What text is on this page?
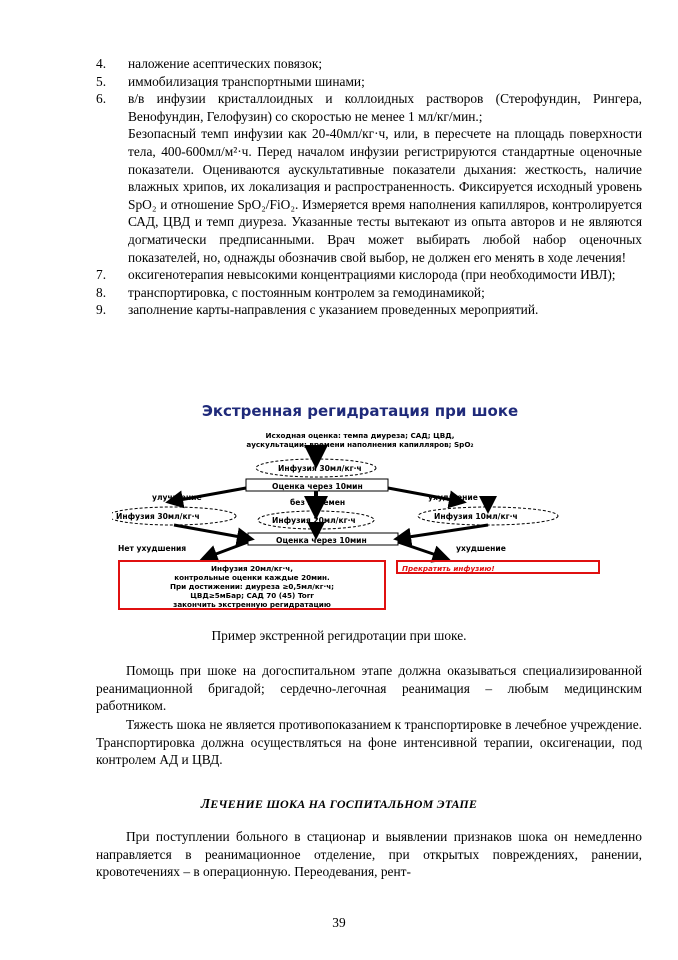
4.	наложение асептических повязок;
5.	иммобилизация транспортными шинами;
6.	в/в инфузии кристаллоидных и коллоидных растворов (Стерофундин, Рингера, Венофундин, Гелофузин) со скоростью не менее 1 мл/кг/мин.;

Безопасный темп инфузии как 20-40мл/кг·ч, или, в пересчете на площадь поверхности тела, 400-600мл/м²·ч. Перед началом инфузии регистрируются стандартные оценочные показатели. Оцениваются аускультативные показатели дыхания: жесткость, наличие влажных хрипов, их локализация и распространенность. Фиксируется исходный уровень SpO₂ и отношение SpO₂/FiO₂. Измеряется время наполнения капилляров, контролируется САД, ЦВД и темп диуреза. Указанные тесты вытекают из опыта авторов и не являются догматически предписанными. Врач может выбирать любой набор оценочных показателей, но, однажды обозначив свой выбор, не должен его менять в ходе лечения!

7.	оксигенотерапия невысокими концентрациями кислорода (при необходимости ИВЛ);
8.	транспортировка, с постоянным контролем за гемодинамикой;
9.	заполнение карты-направления с указанием проведенных мероприятий.
Экстренная регидратация при шоке
Исходная оценка: темпа диуреза; САД; ЦВД,
аускультации; времени наполнения капилляров; SpO₂
Инфузия 30мл/кг·ч
Оценка через 10мин
улучшение
без перемен
ухудшение
Инфузия 30мл/кг·ч	Инфузия 20мл/кг·ч	Инфузия 10мл/кг·ч
Оценка через 10мин
Нет ухудшения	ухудшение
Инфузия 20мл/кг·ч,
контрольные оценки каждые 20мин.
При достижении: диуреза ≥0,5мл/кг·ч;
ЦВД≥5мБар; САД 70 (45) Torr
закончить экстренную регидратацию
Прекратить инфузию!
Пример экстренной регидротации при шоке.

Помощь при шоке на догоспитальном этапе должна оказываться специализированной реанимационной бригадой; сердечно-легочная реанимация – любым медицинским работником.

Тяжесть шока не является противопоказанием к транспортировке в лечебное учреждение. Транспортировка должна осуществляться на фоне интенсивной терапии, оксигенации, под контролем АД и ЦВД.

ЛЕЧЕНИЕ ШОКА НА ГОСПИТАЛЬНОМ ЭТАПЕ

При поступлении больного в стационар и выявлении признаков шока он немедленно направляется в реанимационное отделение, при открытых повреждениях, ранении, кровотечениях – в операционную. Переодевания, рент-

39
